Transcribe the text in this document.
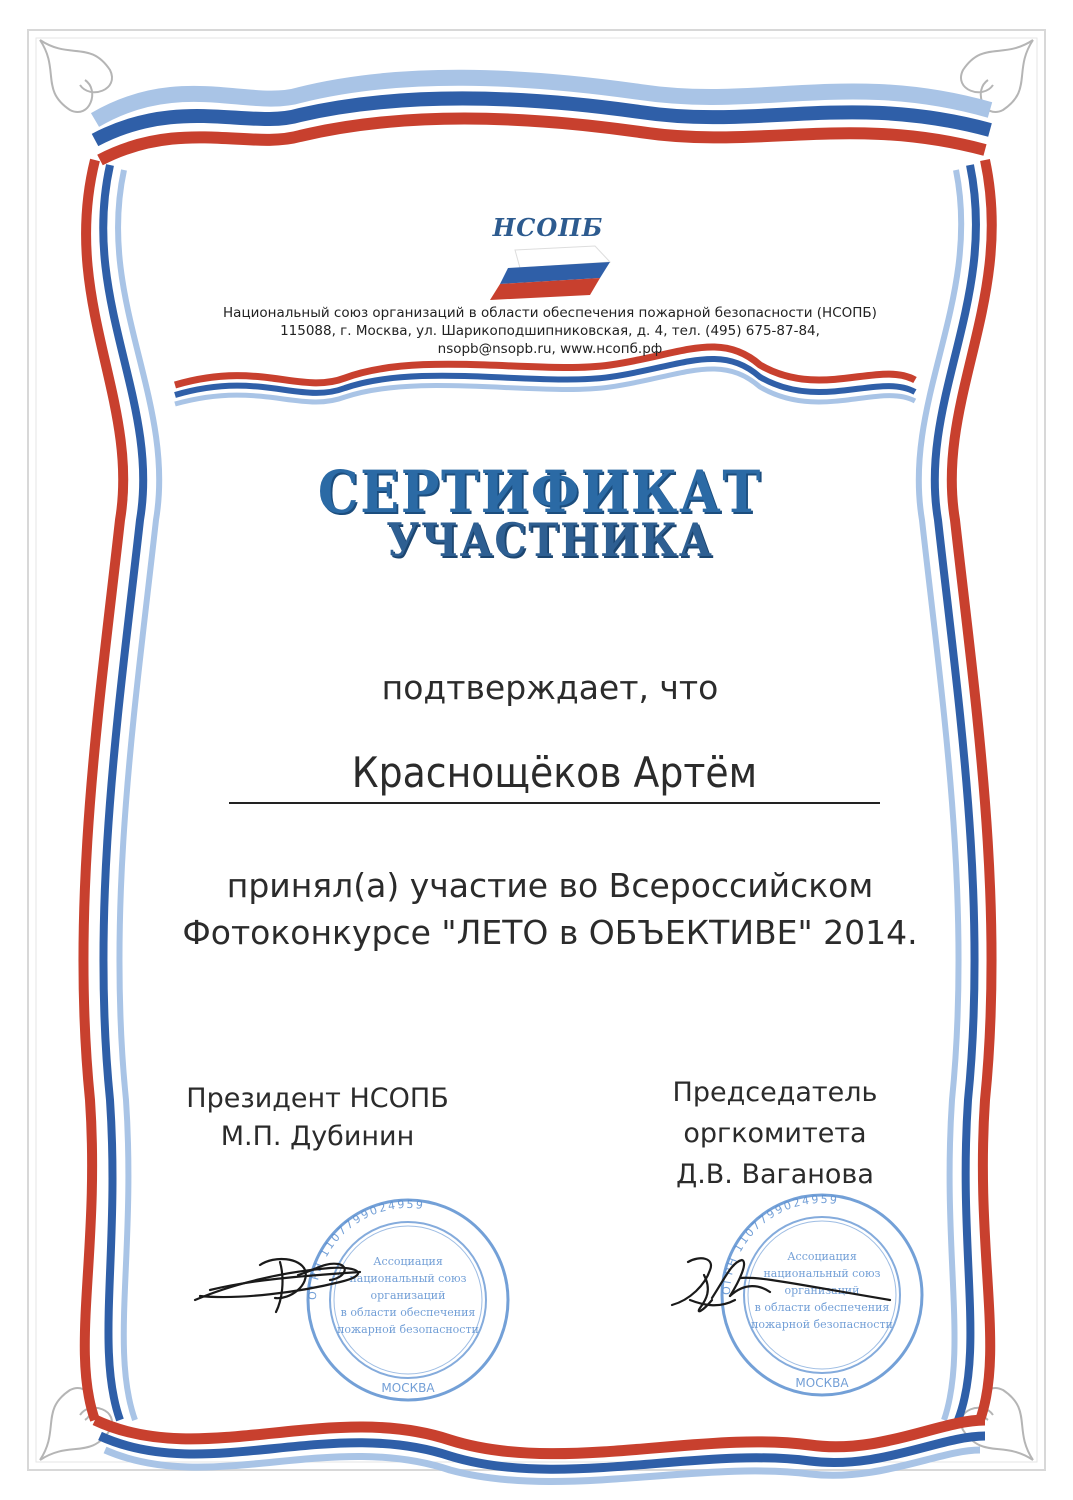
НСОПБ
Национальный союз организаций в области обеспечения пожарной безопасности (НСОПБ)
115088, г. Москва, ул. Шарикоподшипниковская, д. 4, тел. (495) 675-87-84,
nsopb@nsopb.ru, www.нсопб.рф
СЕРТИФИКАТ
УЧАСТНИКА
подтверждает, что
Краснощёков Артём
принял(а) участие во Всероссийском
Фотоконкурсе "ЛЕТО в ОБЪЕКТИВЕ" 2014.
Президент НСОПБ
М.П. Дубинин
Председатель
оргкомитета
Д.В. Ваганова
ОГРН 1107799024959
МОСКВА
Ассоциация
национальный союз
организаций
в области обеспечения
пожарной безопасности
ОГРН 1107799024959
МОСКВА
Ассоциация
национальный союз
организаций
в области обеспечения
пожарной безопасности
